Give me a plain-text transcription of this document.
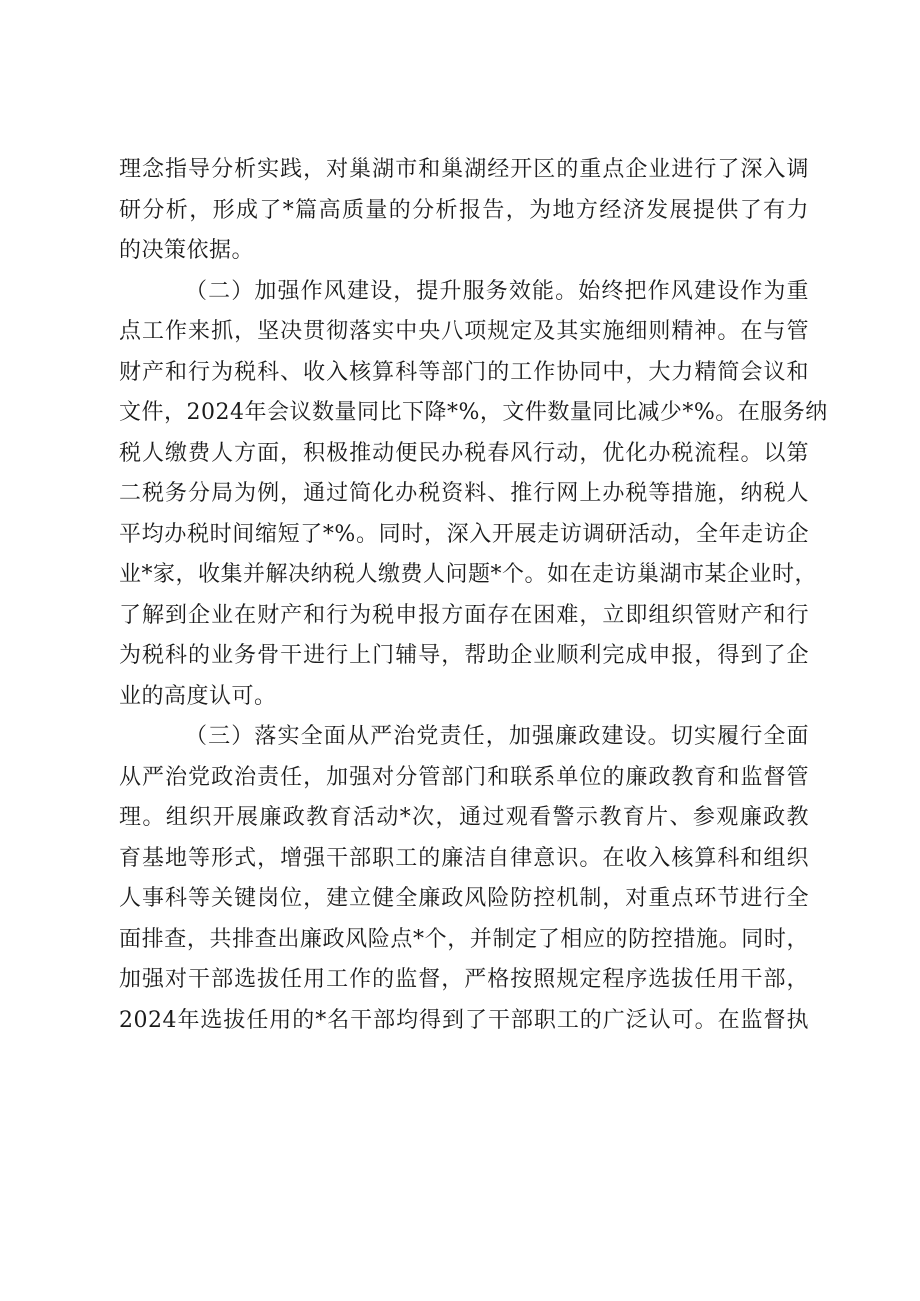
理念指导分析实践，对巢湖市和巢湖经开区的重点企业进行了深入调
研分析，形成了*篇高质量的分析报告，为地方经济发展提供了有力
的决策依据。
（二）加强作风建设，提升服务效能。始终把作风建设作为重
点工作来抓，坚决贯彻落实中央八项规定及其实施细则精神。在与管
财产和行为税科、收入核算科等部门的工作协同中，大力精简会议和
文件，2024年会议数量同比下降*%，文件数量同比减少*%。在服务纳
税人缴费人方面，积极推动便民办税春风行动，优化办税流程。以第
二税务分局为例，通过简化办税资料、推行网上办税等措施，纳税人
平均办税时间缩短了*%。同时，深入开展走访调研活动，全年走访企
业*家，收集并解决纳税人缴费人问题*个。如在走访巢湖市某企业时，
了解到企业在财产和行为税申报方面存在困难，立即组织管财产和行
为税科的业务骨干进行上门辅导，帮助企业顺利完成申报，得到了企
业的高度认可。
（三）落实全面从严治党责任，加强廉政建设。切实履行全面
从严治党政治责任，加强对分管部门和联系单位的廉政教育和监督管
理。组织开展廉政教育活动*次，通过观看警示教育片、参观廉政教
育基地等形式，增强干部职工的廉洁自律意识。在收入核算科和组织
人事科等关键岗位，建立健全廉政风险防控机制，对重点环节进行全
面排查，共排查出廉政风险点*个，并制定了相应的防控措施。同时，
加强对干部选拔任用工作的监督，严格按照规定程序选拔任用干部，
2024年选拔任用的*名干部均得到了干部职工的广泛认可。在监督执
